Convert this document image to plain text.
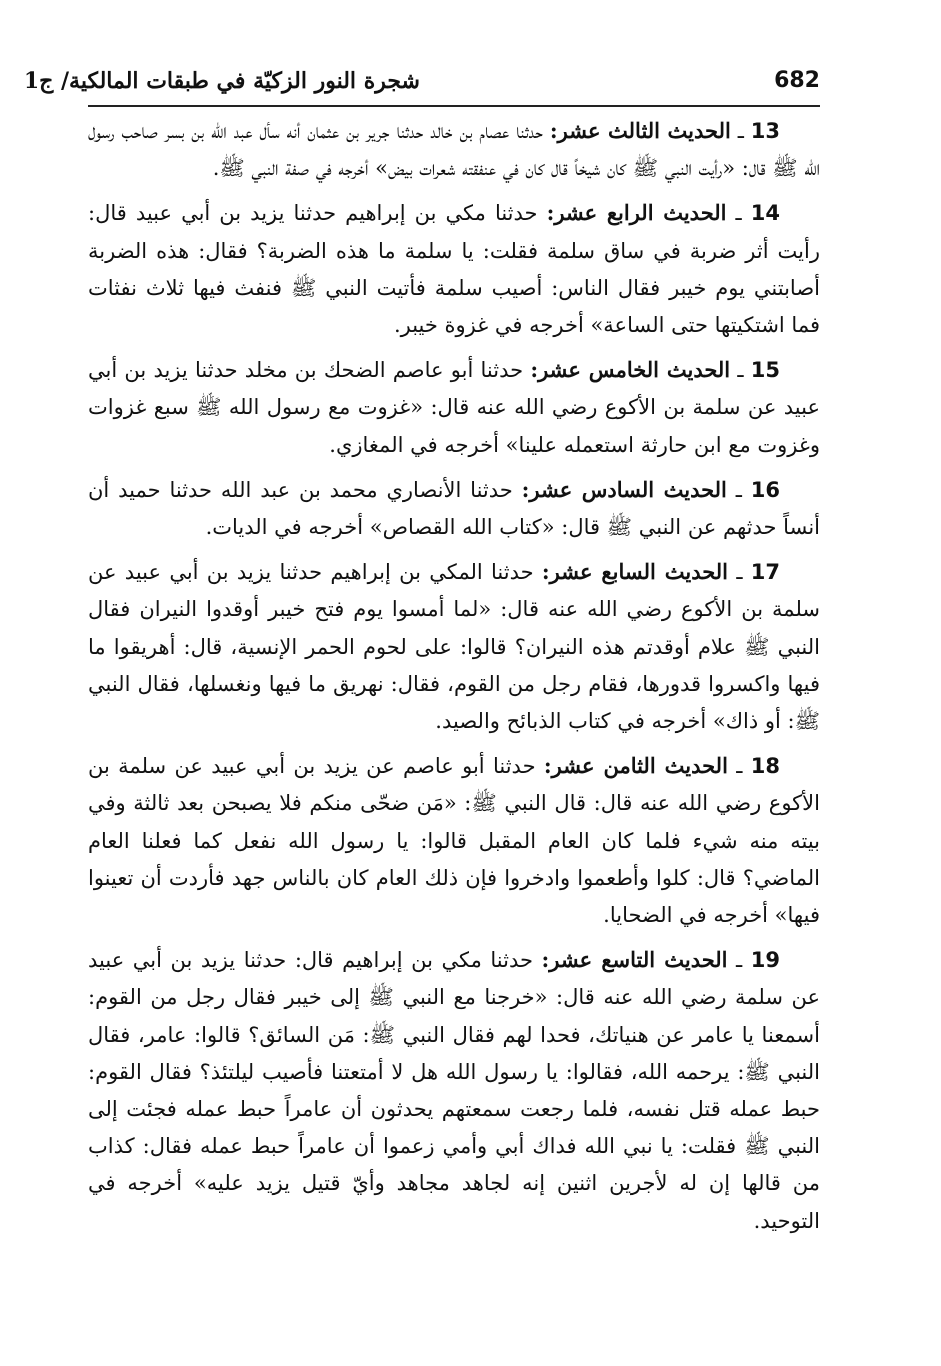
682
شجرة النور الزكيّة في طبقات المالكية/ ج1

13 ـ الحديث الثالث عشر: حدثنا عصام بن خالد حدثنا جرير بن عثمان أنه سأل عبد الله بن بسر صاحب رسول الله ﷺ قال: «رأيت النبي ﷺ كان شيخاً قال كان في عنفقته شعرات بيض» أخرجه في صفة النبي ﷺ.

14 ـ الحديث الرابع عشر: حدثنا مكي بن إبراهيم حدثنا يزيد بن أبي عبيد قال: رأيت أثر ضربة في ساق سلمة فقلت: يا سلمة ما هذه الضربة؟ فقال: هذه الضربة أصابتني يوم خيبر فقال الناس: أصيب سلمة فأتيت النبي ﷺ فنفث فيها ثلاث نفثات فما اشتكيتها حتى الساعة» أخرجه في غزوة خيبر.

15 ـ الحديث الخامس عشر: حدثنا أبو عاصم الضحك بن مخلد حدثنا يزيد بن أبي عبيد عن سلمة بن الأكوع رضي الله عنه قال: «غزوت مع رسول الله ﷺ سبع غزوات وغزوت مع ابن حارثة استعمله علينا» أخرجه في المغازي.

16 ـ الحديث السادس عشر: حدثنا الأنصاري محمد بن عبد الله حدثنا حميد أن أنساً حدثهم عن النبي ﷺ قال: «كتاب الله القصاص» أخرجه في الديات.

17 ـ الحديث السابع عشر: حدثنا المكي بن إبراهيم حدثنا يزيد بن أبي عبيد عن سلمة بن الأكوع رضي الله عنه قال: «لما أمسوا يوم فتح خيبر أوقدوا النيران فقال النبي ﷺ علام أوقدتم هذه النيران؟ قالوا: على لحوم الحمر الإنسية، قال: أهريقوا ما فيها واكسروا قدورها، فقام رجل من القوم، فقال: نهريق ما فيها ونغسلها، فقال النبي ﷺ: أو ذاك» أخرجه في كتاب الذبائح والصيد.

18 ـ الحديث الثامن عشر: حدثنا أبو عاصم عن يزيد بن أبي عبيد عن سلمة بن الأكوع رضي الله عنه قال: قال النبي ﷺ: «مَن ضحّى منكم فلا يصبحن بعد ثالثة وفي بيته منه شيء فلما كان العام المقبل قالوا: يا رسول الله نفعل كما فعلنا العام الماضي؟ قال: كلوا وأطعموا وادخروا فإن ذلك العام كان بالناس جهد فأردت أن تعينوا فيها» أخرجه في الضحايا.

19 ـ الحديث التاسع عشر: حدثنا مكي بن إبراهيم قال: حدثنا يزيد بن أبي عبيد عن سلمة رضي الله عنه قال: «خرجنا مع النبي ﷺ إلى خيبر فقال رجل من القوم: أسمعنا يا عامر عن هنياتك، فحدا لهم فقال النبي ﷺ: مَن السائق؟ قالوا: عامر، فقال النبي ﷺ: يرحمه الله، فقالوا: يا رسول الله هل لا أمتعتنا فأصيب ليلتئذ؟ فقال القوم: حبط عمله قتل نفسه، فلما رجعت سمعتهم يحدثون أن عامراً حبط عمله فجئت إلى النبي ﷺ فقلت: يا نبي الله فداك أبي وأمي زعموا أن عامراً حبط عمله فقال: كذاب من قالها إن له لأجرين اثنين إنه لجاهد مجاهد وأيّ قتيل يزيد عليه» أخرجه في التوحيد.
